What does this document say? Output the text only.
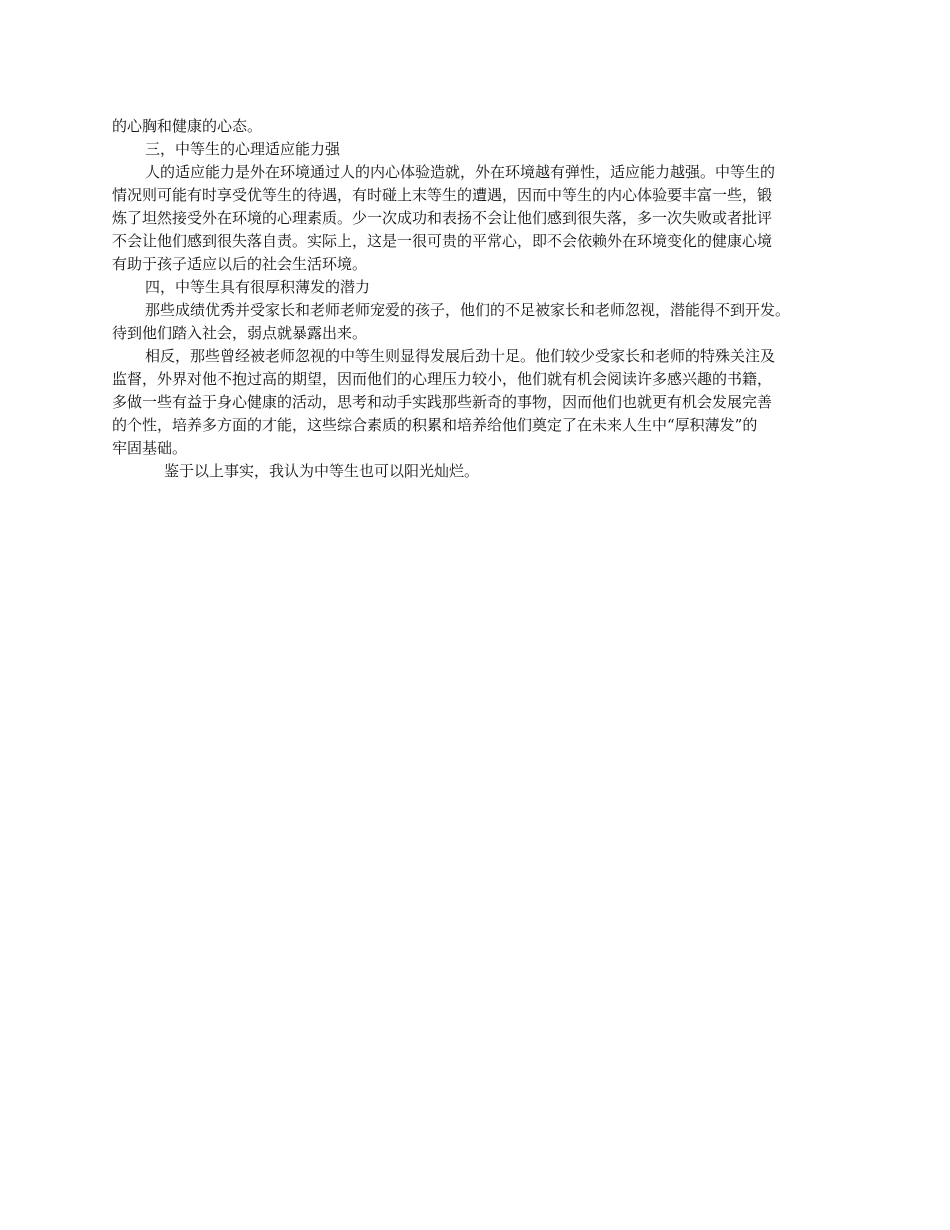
的心胸和健康的心态。
三，中等生的心理适应能力强
人的适应能力是外在环境通过人的内心体验造就，外在环境越有弹性，适应能力越强。中等生的
情况则可能有时享受优等生的待遇，有时碰上末等生的遭遇，因而中等生的内心体验要丰富一些，锻
炼了坦然接受外在环境的心理素质。少一次成功和表扬不会让他们感到很失落，多一次失败或者批评
不会让他们感到很失落自责。实际上，这是一很可贵的平常心，即不会依赖外在环境变化的健康心境
有助于孩子适应以后的社会生活环境。
四，中等生具有很厚积薄发的潜力
那些成绩优秀并受家长和老师老师宠爱的孩子，他们的不足被家长和老师忽视，潜能得不到开发。
待到他们踏入社会，弱点就暴露出来。
相反，那些曾经被老师忽视的中等生则显得发展后劲十足。他们较少受家长和老师的特殊关注及
监督，外界对他不抱过高的期望，因而他们的心理压力较小，他们就有机会阅读许多感兴趣的书籍，
多做一些有益于身心健康的活动，思考和动手实践那些新奇的事物，因而他们也就更有机会发展完善
的个性，培养多方面的才能，这些综合素质的积累和培养给他们奠定了在未来人生中“厚积薄发”的
牢固基础。
鉴于以上事实，我认为中等生也可以阳光灿烂。
